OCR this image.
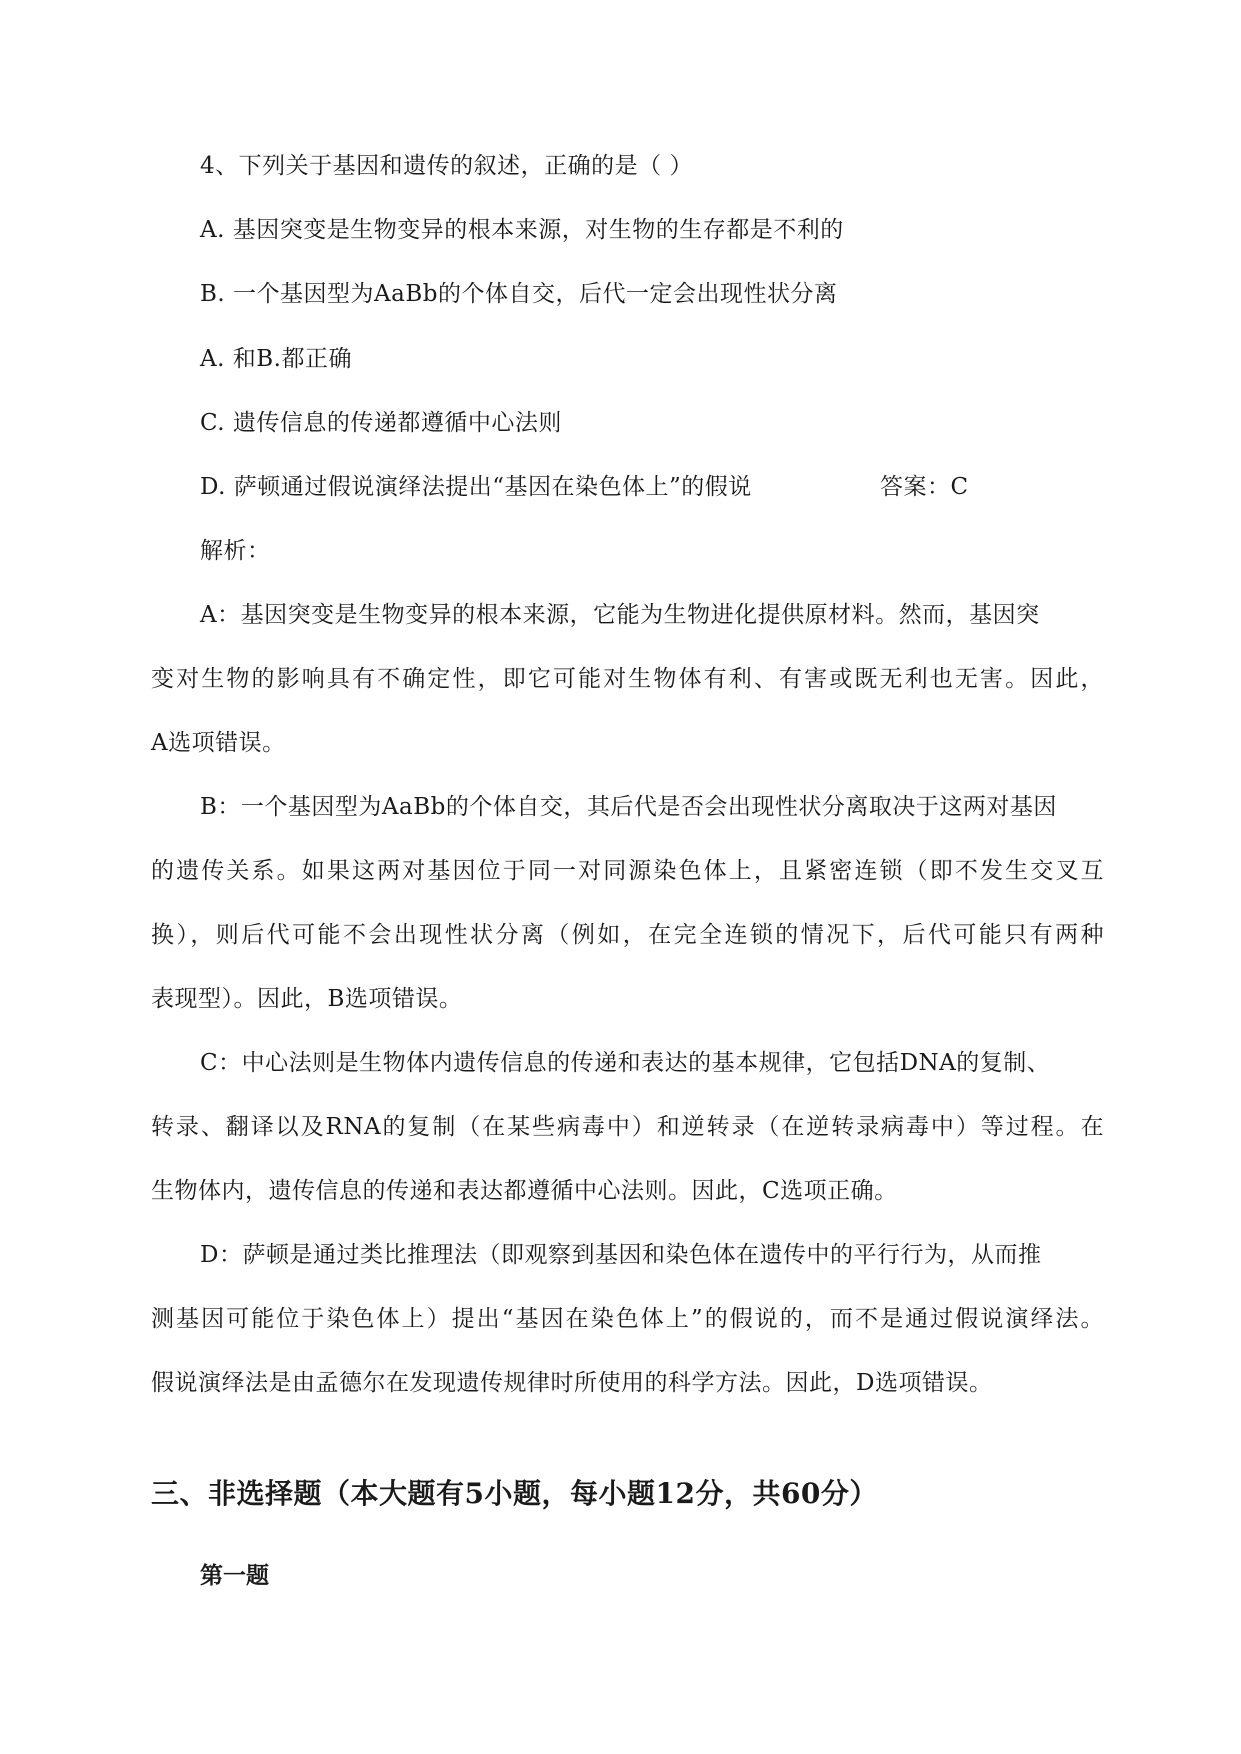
4、下列关于基因和遗传的叙述，正确的是（ ）
A. 基因突变是生物变异的根本来源，对生物的生存都是不利的
B. 一个基因型为AaBb的个体自交，后代一定会出现性状分离
A. 和B.都正确
C. 遗传信息的传递都遵循中心法则
D. 萨顿通过假说演绎法提出“基因在染色体上”的假说	答案：C
解析：
A：基因突变是生物变异的根本来源，它能为生物进化提供原材料。然而，基因突
变对生物的影响具有不确定性，即它可能对生物体有利、有害或既无利也无害。因此，
A选项错误。
B：一个基因型为AaBb的个体自交，其后代是否会出现性状分离取决于这两对基因
的遗传关系。如果这两对基因位于同一对同源染色体上，且紧密连锁（即不发生交叉互
换），则后代可能不会出现性状分离（例如，在完全连锁的情况下，后代可能只有两种
表现型）。因此，B选项错误。
C：中心法则是生物体内遗传信息的传递和表达的基本规律，它包括DNA的复制、
转录、翻译以及RNA的复制（在某些病毒中）和逆转录（在逆转录病毒中）等过程。在
生物体内，遗传信息的传递和表达都遵循中心法则。因此，C选项正确。
D：萨顿是通过类比推理法（即观察到基因和染色体在遗传中的平行行为，从而推
测基因可能位于染色体上）提出“基因在染色体上”的假说的，而不是通过假说演绎法。
假说演绎法是由孟德尔在发现遗传规律时所使用的科学方法。因此，D选项错误。
三、非选择题（本大题有5小题，每小题12分，共60分）
第一题
